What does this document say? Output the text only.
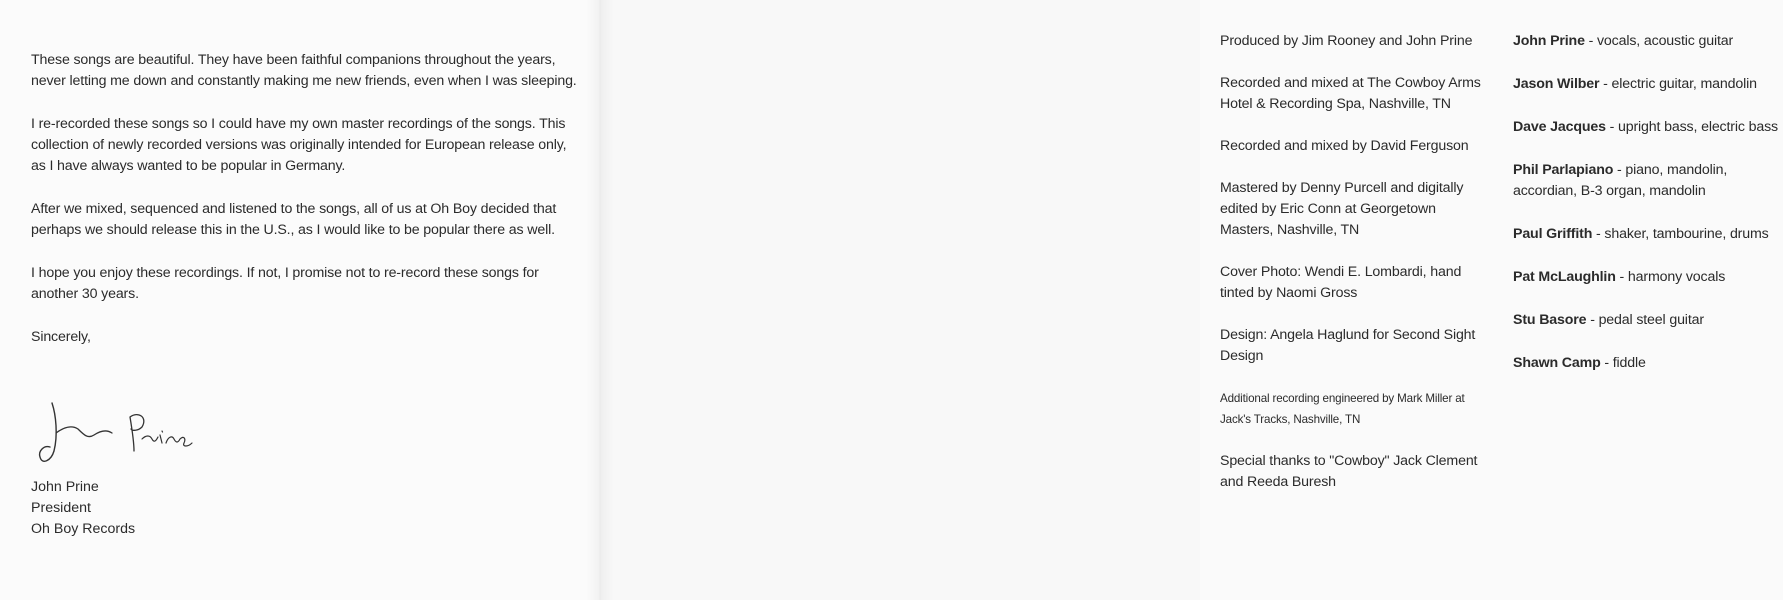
These songs are beautiful. They have been faithful companions throughout the years, never letting me down and constantly making me new friends, even when I was sleeping.

I re-recorded these songs so I could have my own master recordings of the songs. This collection of newly recorded versions was originally intended for European release only, as I have always wanted to be popular in Germany.

After we mixed, sequenced and listened to the songs, all of us at Oh Boy decided that perhaps we should release this in the U.S., as I would like to be popular there as well.

I hope you enjoy these recordings. If not, I promise not to re-record these songs for another 30 years.

Sincerely,

John Prine
President
Oh Boy Records

Produced by Jim Rooney and John Prine

Recorded and mixed at The Cowboy Arms Hotel & Recording Spa, Nashville, TN

Recorded and mixed by David Ferguson

Mastered by Denny Purcell and digitally edited by Eric Conn at Georgetown Masters, Nashville, TN

Cover Photo: Wendi E. Lombardi, hand tinted by Naomi Gross

Design: Angela Haglund for Second Sight Design

Additional recording engineered by Mark Miller at Jack's Tracks, Nashville, TN

Special thanks to "Cowboy" Jack Clement and Reeda Buresh

John Prine - vocals, acoustic guitar

Jason Wilber - electric guitar, mandolin

Dave Jacques - upright bass, electric bass

Phil Parlapiano - piano, mandolin, accordian, B-3 organ, mandolin

Paul Griffith - shaker, tambourine, drums

Pat McLaughlin - harmony vocals

Stu Basore - pedal steel guitar

Shawn Camp - fiddle
